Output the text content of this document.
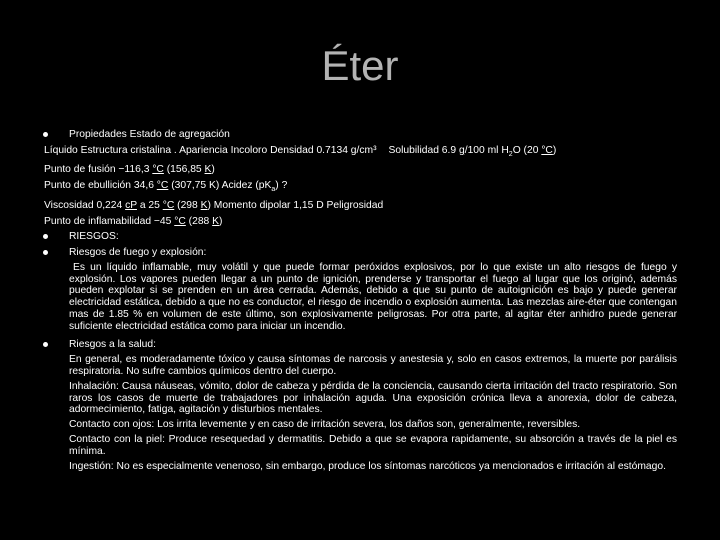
Éter
Propiedades Estado de agregación
Líquido Estructura cristalina . Apariencia Incoloro Densidad 0.7134 g/cm³ Solubilidad 6.9 g/100 ml $H_2O$ (20 °C)
Punto de fusión −116,3 °C (156,85 K)
Punto de ebullición 34,6 °C (307,75 K) Acidez $(pK_a)$ ?
Viscosidad 0,224 cP a 25 °C (298 K) Momento dipolar 1,15 D Peligrosidad
Punto de inflamabilidad −45 °C (288 K)
RIESGOS:
Riesgos de fuego y explosión:
Es un líquido inflamable, muy volátil y que puede formar peróxidos explosivos, por lo que existe un alto riesgos de fuego y explosión. Los vapores pueden llegar a un punto de ignición, prenderse y transportar el fuego al lugar que los originó, además pueden explotar si se prenden en un área cerrada. Además, debido a que su punto de autoignición es bajo y puede generar electricidad estática, debido a que no es conductor, el riesgo de incendio o explosión aumenta. Las mezclas aire-éter que contengan mas de 1.85 % en volumen de este último, son explosivamente peligrosas. Por otra parte, al agitar éter anhidro puede generar suficiente electricidad estática como para iniciar un incendio.
Riesgos a la salud:
En general, es moderadamente tóxico y causa síntomas de narcosis y anestesia y, solo en casos extremos, la muerte por parálisis respiratoria. No sufre cambios químicos dentro del cuerpo.
Inhalación: Causa náuseas, vómito, dolor de cabeza y pérdida de la conciencia, causando cierta irritación del tracto respiratorio. Son raros los casos de muerte de trabajadores por inhalación aguda. Una exposición crónica lleva a anorexia, dolor de cabeza, adormecimiento, fatiga, agitación y disturbios mentales.
Contacto con ojos: Los irrita levemente y en caso de irritación severa, los daños son, generalmente, reversibles.
Contacto con la piel: Produce resequedad y dermatitis. Debido a que se evapora rapidamente, su absorción a través de la piel es mínima.
Ingestión: No es especialmente venenoso, sin embargo, produce los síntomas narcóticos ya mencionados e irritación al estómago.
